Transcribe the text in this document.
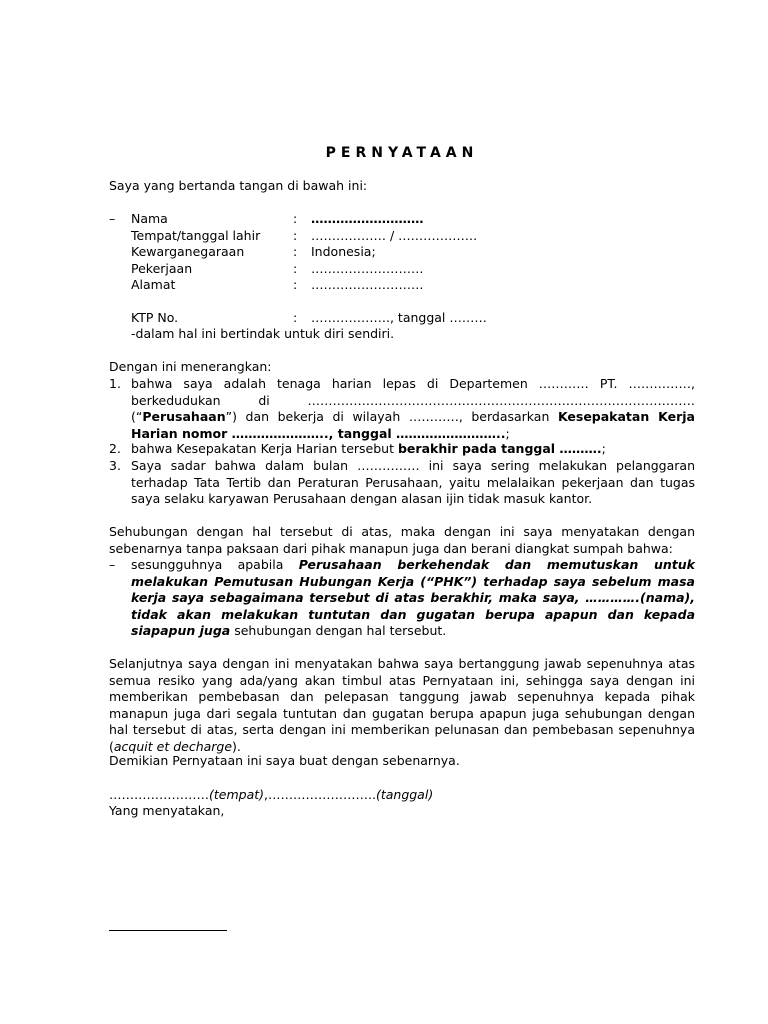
PERNYATAAN
Saya yang bertanda tangan di bawah ini:
– Nama	: ………………………
Tempat/tanggal lahir	: ……………… / ……………….
Kewarganegaraan	: Indonesia;
Pekerjaan	: ………………………
Alamat	: ………………………
KTP No.	: ………………., tanggal ………
-dalam hal ini bertindak untuk diri sendiri.
Dengan ini menerangkan:
1. bahwa saya adalah tenaga harian lepas di Departemen ………… PT. ……………, berkedudukan di …………………………………………………………………………………(“Perusahaan”) dan bekerja di wilayah …………, berdasarkan Kesepakatan Kerja Harian nomor ………………….., tanggal ……………………..;
2. bahwa Kesepakatan Kerja Harian tersebut berakhir pada tanggal ……….;
3. Saya sadar bahwa dalam bulan …………… ini saya sering melakukan pelanggaran terhadap Tata Tertib dan Peraturan Perusahaan, yaitu melalaikan pekerjaan dan tugas saya selaku karyawan Perusahaan dengan alasan ijin tidak masuk kantor.
Sehubungan dengan hal tersebut di atas, maka dengan ini saya menyatakan dengan sebenarnya tanpa paksaan dari pihak manapun juga dan berani diangkat sumpah bahwa:
– sesungguhnya apabila Perusahaan berkehendak dan memutuskan untuk melakukan Pemutusan Hubungan Kerja (“PHK”) terhadap saya sebelum masa kerja saya sebagaimana tersebut di atas berakhir, maka saya, ………….(nama), tidak akan melakukan tuntutan dan gugatan berupa apapun dan kepada siapapun juga sehubungan dengan hal tersebut.
Selanjutnya saya dengan ini menyatakan bahwa saya bertanggung jawab sepenuhnya atas semua resiko yang ada/yang akan timbul atas Pernyataan ini, sehingga saya dengan ini memberikan pembebasan dan pelepasan tanggung jawab sepenuhnya kepada pihak manapun juga dari segala tuntutan dan gugatan berupa apapun juga sehubungan dengan hal tersebut di atas, serta dengan ini memberikan pelunasan dan pembebasan sepenuhnya (acquit et decharge).
Demikian Pernyataan ini saya buat dengan sebenarnya.
……………………(tempat),……………………..(tanggal)
Yang menyatakan,
